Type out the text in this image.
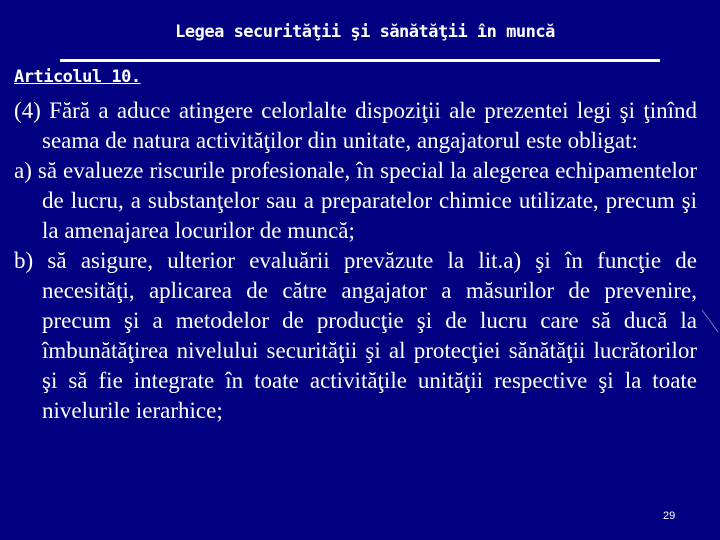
Legea securităţii şi sănătăţii în muncă
Articolul 10.

(4) Fără a aduce atingere celorlalte dispoziţii ale prezentei legi şi ţinînd seama de natura activităţilor din unitate, angajatorul este obligat:

a) să evalueze riscurile profesionale, în special la alegerea echipamentelor de lucru, a substanţelor sau a preparatelor chimice utilizate, precum şi la amenajarea locurilor de muncă;

b) să asigure, ulterior evaluării prevăzute la lit.a) şi în funcţie de necesităţi, aplicarea de către angajator a măsurilor de prevenire, precum şi a metodelor de producţie şi de lucru care să ducă la îmbunătăţirea nivelului securităţii şi al protecţiei sănătăţii lucrătorilor şi să fie integrate în toate activităţile unităţii respective şi la toate nivelurile ierarhice;

29
